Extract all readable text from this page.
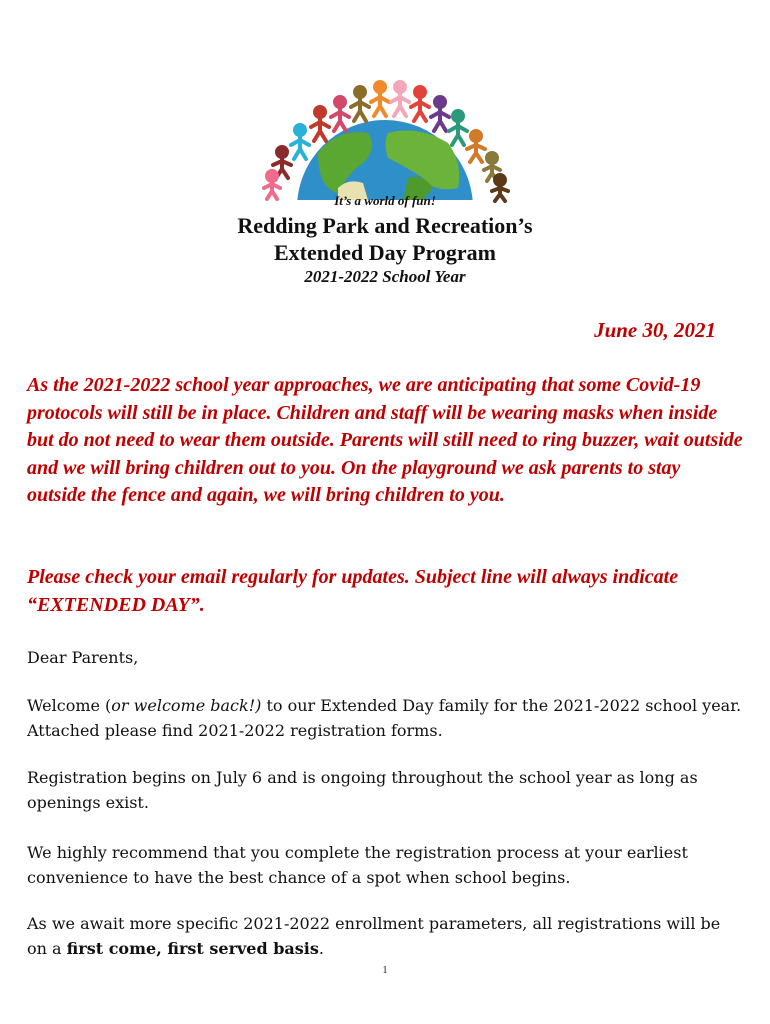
It’s a world of fun!
Redding Park and Recreation’s
Extended Day Program
2021-2022 School Year
June 30, 2021

As the 2021-2022 school year approaches, we are anticipating that some Covid-19 protocols will still be in place. Children and staff will be wearing masks when inside but do not need to wear them outside. Parents will still need to ring buzzer, wait outside and we will bring children out to you. On the playground we ask parents to stay outside the fence and again, we will bring children to you.

Please check your email regularly for updates. Subject line will always indicate “EXTENDED DAY”.

Dear Parents,

Welcome (or welcome back!) to our Extended Day family for the 2021-2022 school year. Attached please find 2021-2022 registration forms.

Registration begins on July 6 and is ongoing throughout the school year as long as openings exist.

We highly recommend that you complete the registration process at your earliest convenience to have the best chance of a spot when school begins.

As we await more specific 2021-2022 enrollment parameters, all registrations will be on a first come, first served basis.

1
